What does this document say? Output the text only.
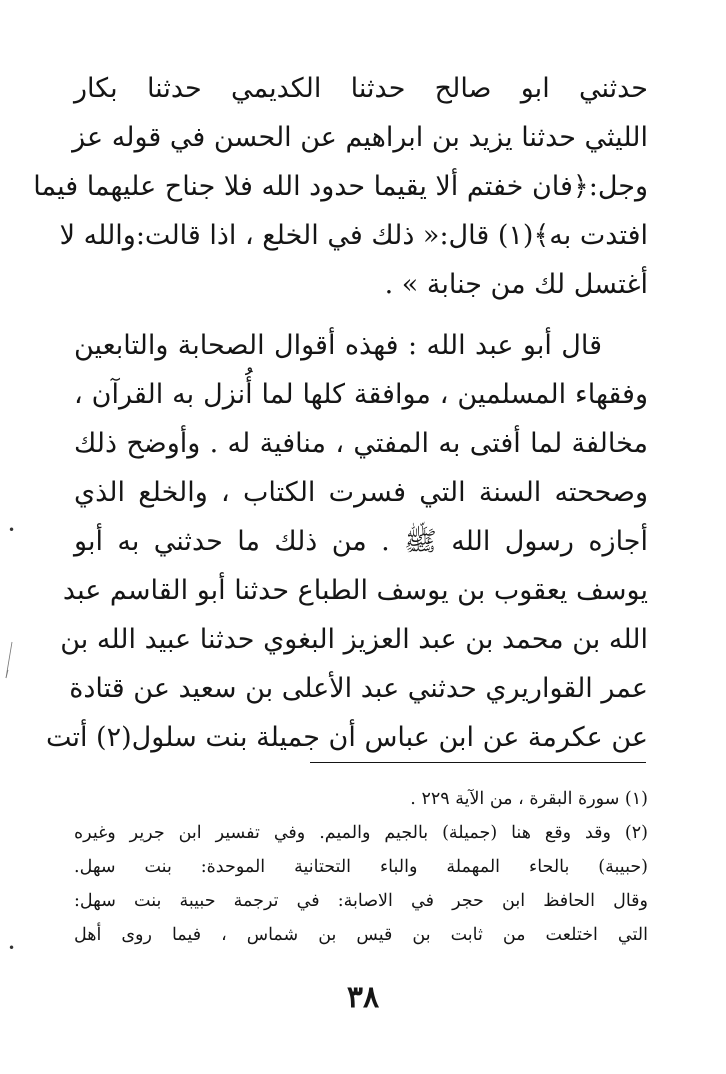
حدثني ابو صالح حدثنا الكديمي حدثنا بكار
الليثي حدثنا يزيد بن ابراهيم عن الحسن في قوله عز
وجل:﴿فان خفتم ألا يقيما حدود الله فلا جناح عليهما فيما
افتدت به﴾(١) قال:« ذلك في الخلع ، اذا قالت:والله لا
أغتسل لك من جنابة » .
قال أبو عبد الله : فهذه أقوال الصحابة والتابعين
وفقهاء المسلمين ، موافقة كلها لما أُنزل به القرآن ،
مخالفة لما أفتى به المفتي ، منافية له . وأوضح ذلك
وصححته السنة التي فسرت الكتاب ، والخلع الذي
أجازه رسول الله ﷺ . من ذلك ما حدثني به أبو
يوسف يعقوب بن يوسف الطباع حدثنا أبو القاسم عبد
الله بن محمد بن عبد العزيز البغوي حدثنا عبيد الله بن
عمر القواريري حدثني عبد الأعلى بن سعيد عن قتادة
عن عكرمة عن ابن عباس أن جميلة بنت سلول(٢) أتت
(١) سورة البقرة ، من الآية ٢٢٩ .
(٢) وقد وقع هنا (جميلة) بالجيم والميم. وفي تفسير ابن جرير وغيره
(حبيبة) بالحاء المهملة والباء التحتانية الموحدة: بنت سهل.
وقال الحافظ ابن حجر في الاصابة: في ترجمة حبيبة بنت سهل:
التي اختلعت من ثابت بن قيس بن شماس ، فيما روى أهل
٣٨
•
•
